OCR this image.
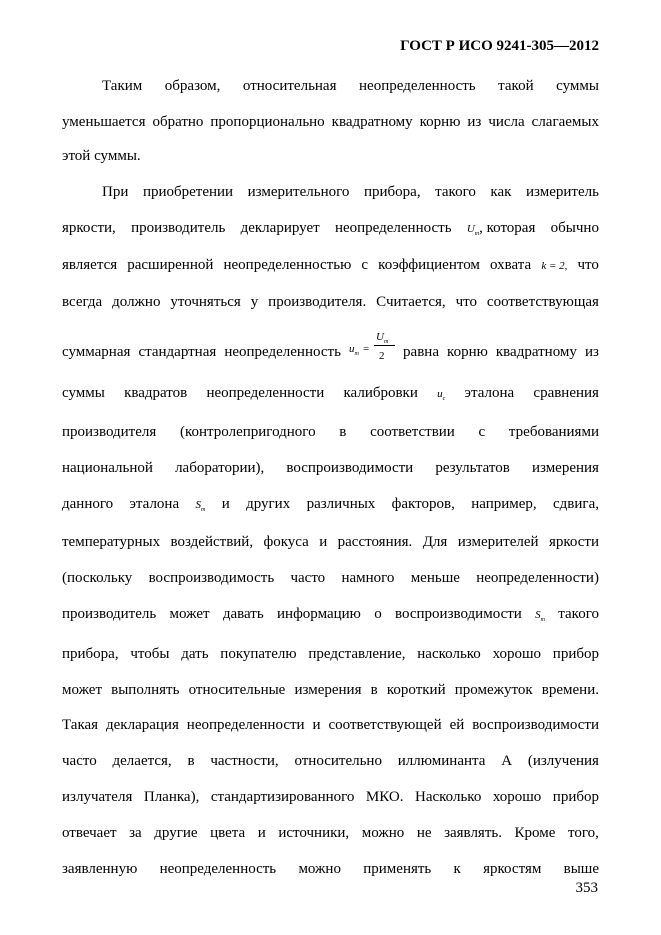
ГОСТ Р ИСО 9241-305—2012
Таким образом, относительная неопределенность такой суммы
уменьшается обратно пропорционально квадратному корню из числа слагаемых
этой суммы.
При приобретении измерительного прибора, такого как измеритель
яркости, производитель декларирует неопределенность $U_m$, которая обычно
является расширенной неопределенностью с коэффициентом охвата k = 2, что
всегда должно уточняться у производителя. Считается, что соответствующая
суммарная стандартная неопределенность $u_m$ =
$U_m$
2 равна корню квадратному из
суммы квадратов неопределенности калибровки $u_c$ эталона сравнения
производителя (контролепригодного в соответствии с требованиями
национальной лаборатории), воспроизводимости результатов измерения
данного эталона $S_m$ и других различных факторов, например, сдвига,
температурных воздействий, фокуса и расстояния. Для измерителей яркости
(поскольку воспроизводимость часто намного меньше неопределенности)
производитель может давать информацию о воспроизводимости $S_m$ такого
прибора, чтобы дать покупателю представление, насколько хорошо прибор
может выполнять относительные измерения в короткий промежуток времени.
Такая декларация неопределенности и соответствующей ей воспроизводимости
часто делается, в частности, относительно иллюминанта А (излучения
излучателя Планка), стандартизированного МКО. Насколько хорошо прибор
отвечает за другие цвета и источники, можно не заявлять. Кроме того,
заявленную неопределенность можно применять к яркостям выше
353
